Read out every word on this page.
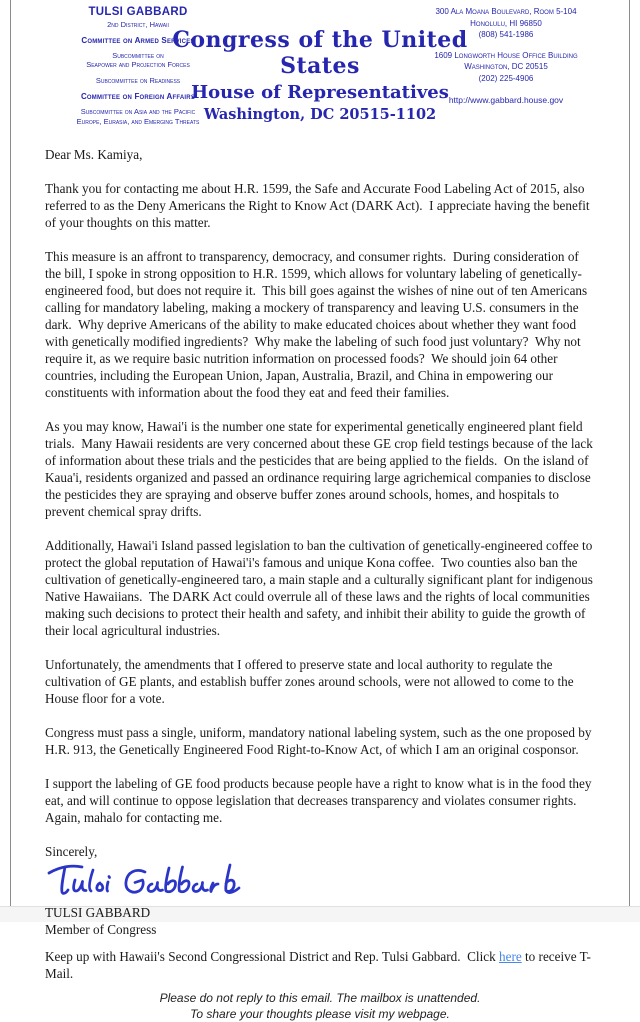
TULSI GABBARD
2nd District, Hawaii
Committee on Armed Services
Subcommittee on
Seapower and Projection Forces
Subcommittee on Readiness
Committee on Foreign Affairs
Subcommittee on Asia and the Pacific
Europe, Eurasia, and Emerging Threats
Congress of the United States
House of Representatives
Washington, DC 20515-1102
300 Ala Moana Boulevard, Room 5-104
Honolulu, HI 96850
(808) 541-1986
1609 Longworth House Office Building
Washington, DC 20515
(202) 225-4906
http://www.gabbard.house.gov

Dear Ms. Kamiya,

Thank you for contacting me about H.R. 1599, the Safe and Accurate Food Labeling Act of 2015, also referred to as the Deny Americans the Right to Know Act (DARK Act).  I appreciate having the benefit of your thoughts on this matter.

This measure is an affront to transparency, democracy, and consumer rights.  During consideration of the bill, I spoke in strong opposition to H.R. 1599, which allows for voluntary labeling of genetically-engineered food, but does not require it.  This bill goes against the wishes of nine out of ten Americans calling for mandatory labeling, making a mockery of transparency and leaving U.S. consumers in the dark.  Why deprive Americans of the ability to make educated choices about whether they want food with genetically modified ingredients?  Why make the labeling of such food just voluntary?  Why not require it, as we require basic nutrition information on processed foods?  We should join 64 other countries, including the European Union, Japan, Australia, Brazil, and China in empowering our constituents with information about the food they eat and feed their families.

As you may know, Hawai'i is the number one state for experimental genetically engineered plant field trials.  Many Hawaii residents are very concerned about these GE crop field testings because of the lack of information about these trials and the pesticides that are being applied to the fields.  On the island of Kaua'i, residents organized and passed an ordinance requiring large agrichemical companies to disclose the pesticides they are spraying and observe buffer zones around schools, homes, and hospitals to prevent chemical spray drifts.

Additionally, Hawai'i Island passed legislation to ban the cultivation of genetically-engineered coffee to protect the global reputation of Hawai'i's famous and unique Kona coffee.  Two counties also ban the cultivation of genetically-engineered taro, a main staple and a culturally significant plant for indigenous Native Hawaiians.  The DARK Act could overrule all of these laws and the rights of local communities making such decisions to protect their health and safety, and inhibit their ability to guide the growth of their local agricultural industries.

Unfortunately, the amendments that I offered to preserve state and local authority to regulate the cultivation of GE plants, and establish buffer zones around schools, were not allowed to come to the House floor for a vote.

Congress must pass a single, uniform, mandatory national labeling system, such as the one proposed by H.R. 913, the Genetically Engineered Food Right-to-Know Act, of which I am an original cosponsor.

I support the labeling of GE food products because people have a right to know what is in the food they eat, and will continue to oppose legislation that decreases transparency and violates consumer rights.  Again, mahalo for contacting me.

Sincerely,

TULSI GABBARD

Member of Congress

Keep up with Hawaii's Second Congressional District and Rep. Tulsi Gabbard.  Click here to receive T-Mail.

Please do not reply to this email. The mailbox is unattended.
To share your thoughts please visit my webpage.
